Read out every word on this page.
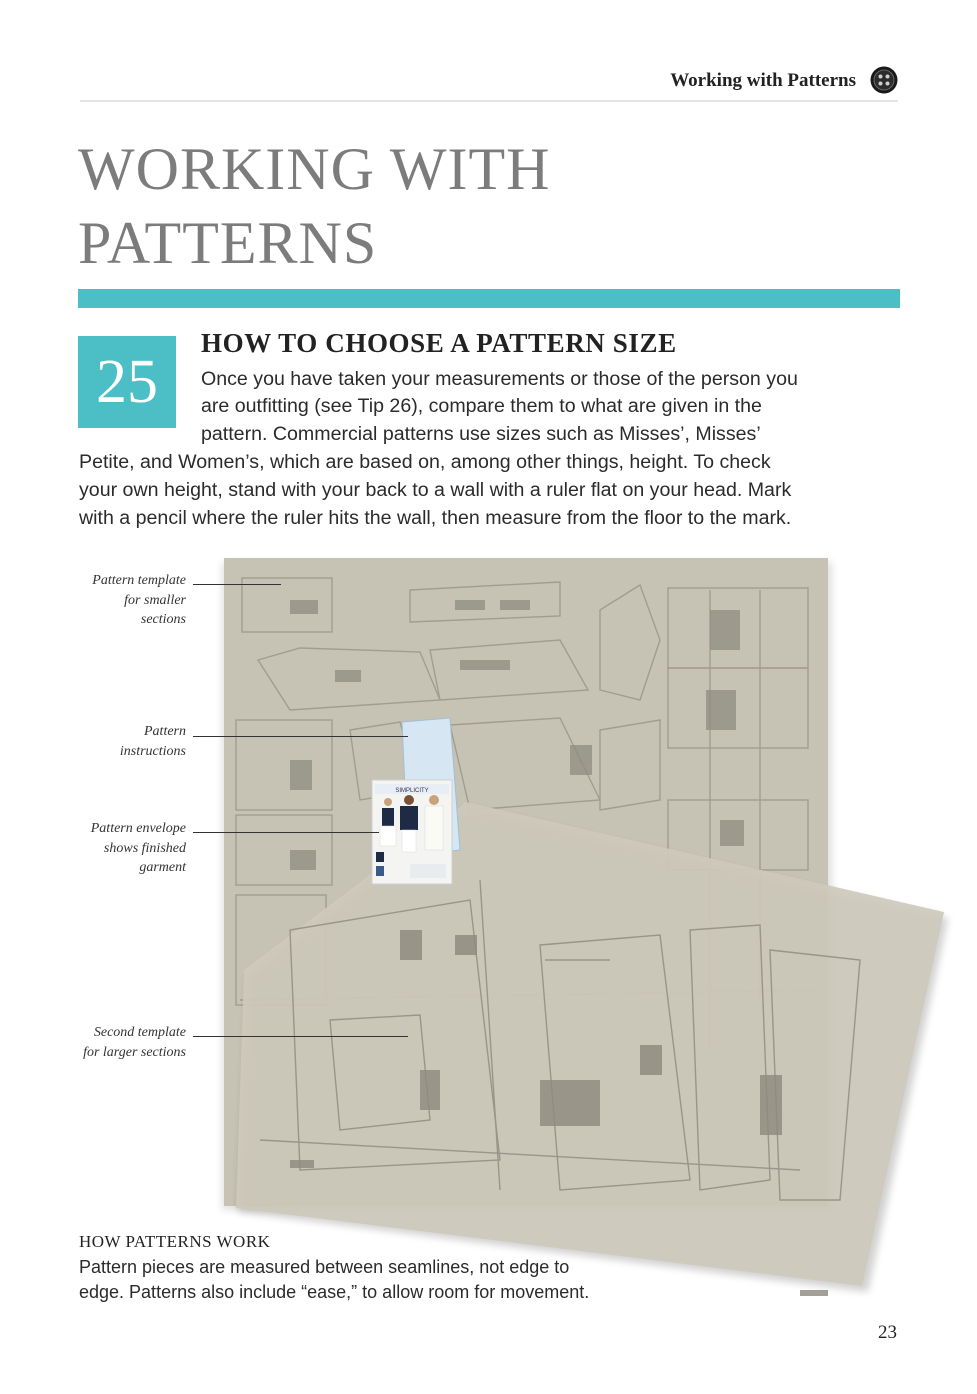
Working with Patterns
WORKING WITH
PATTERNS
25
HOW TO CHOOSE A PATTERN SIZE
Once you have taken your measurements or those of the person you
are outfitting (see Tip 26), compare them to what are given in the
pattern. Commercial patterns use sizes such as Misses’, Misses’
Petite, and Women’s, which are based on, among other things, height. To check
your own height, stand with your back to a wall with a ruler flat on your head. Mark
with a pencil where the ruler hits the wall, then measure from the floor to the mark.
SIMPLICITY
Pattern template
for smaller
sections
Pattern
instructions
Pattern envelope
shows finished
garment
Second template
for larger sections
HOW PATTERNS WORK
Pattern pieces are measured between seamlines, not edge to
edge. Patterns also include “ease,” to allow room for movement.
23
